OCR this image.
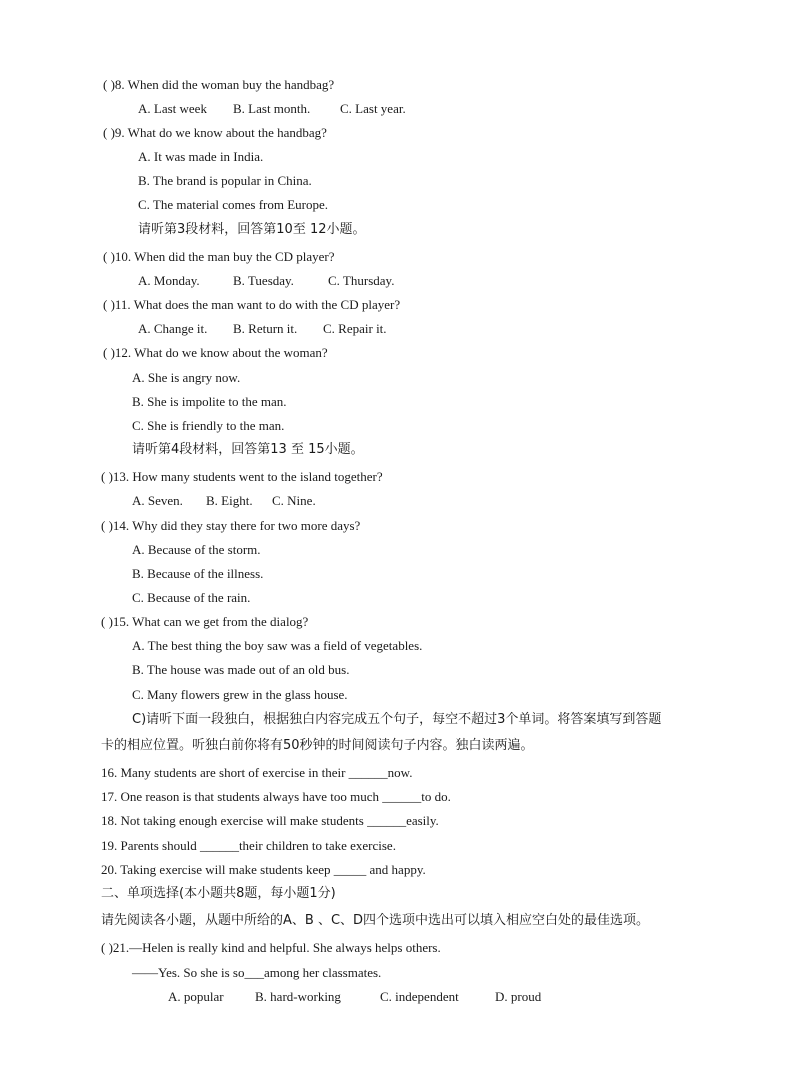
( )8. When did the woman buy the handbag?
A. Last week B. Last month. C. Last year.
( )9. What do we know about the handbag?
A. It was made in India.
B. The brand is popular in China.
C. The material comes from Europe.
请听第3段材料，回答第10至 12小题。
( )10. When did the man buy the CD player?
A. Monday.	B. Tuesday.	C. Thursday.
( )11. What does the man want to do with the CD player?
A. Change it. B. Return it. C. Repair it.
( )12. What do we know about the woman?
A. She is angry now.
B. She is impolite to the man.
C. She is friendly to the man.
请听第4段材料，回答第13 至 15小题。
( )13. How many students went to the island together?
A. Seven. B. Eight. C. Nine.
( )14. Why did they stay there for two more days?
A. Because of the storm.
B. Because of the illness.
C. Because of the rain.
( )15. What can we get from the dialog?
A. The best thing the boy saw was a field of vegetables.
B. The house was made out of an old bus.
C. Many flowers grew in the glass house.
C)请听下面一段独白，根据独白内容完成五个句子，每空不超过3个单词。将答案填写到答题
卡的相应位置。听独白前你将有50秒钟的时间阅读句子内容。独白读两遍。
16. Many students are short of exercise in their ______now.
17. One reason is that students always have too much ______to do.
18. Not taking enough exercise will make students ______easily.
19. Parents should ______their children to take exercise.
20. Taking exercise will make students keep _____ and happy.
二、单项选择(本小题共8题，每小题1分)
请先阅读各小题，从题中所给的A、B 、C、D四个选项中选出可以填入相应空白处的最佳选项。
( )21.—Helen is really kind and helpful. She always helps others.
——Yes. So she is so___among her classmates.
A. popular B. hard-working	C. independent	D. proud
